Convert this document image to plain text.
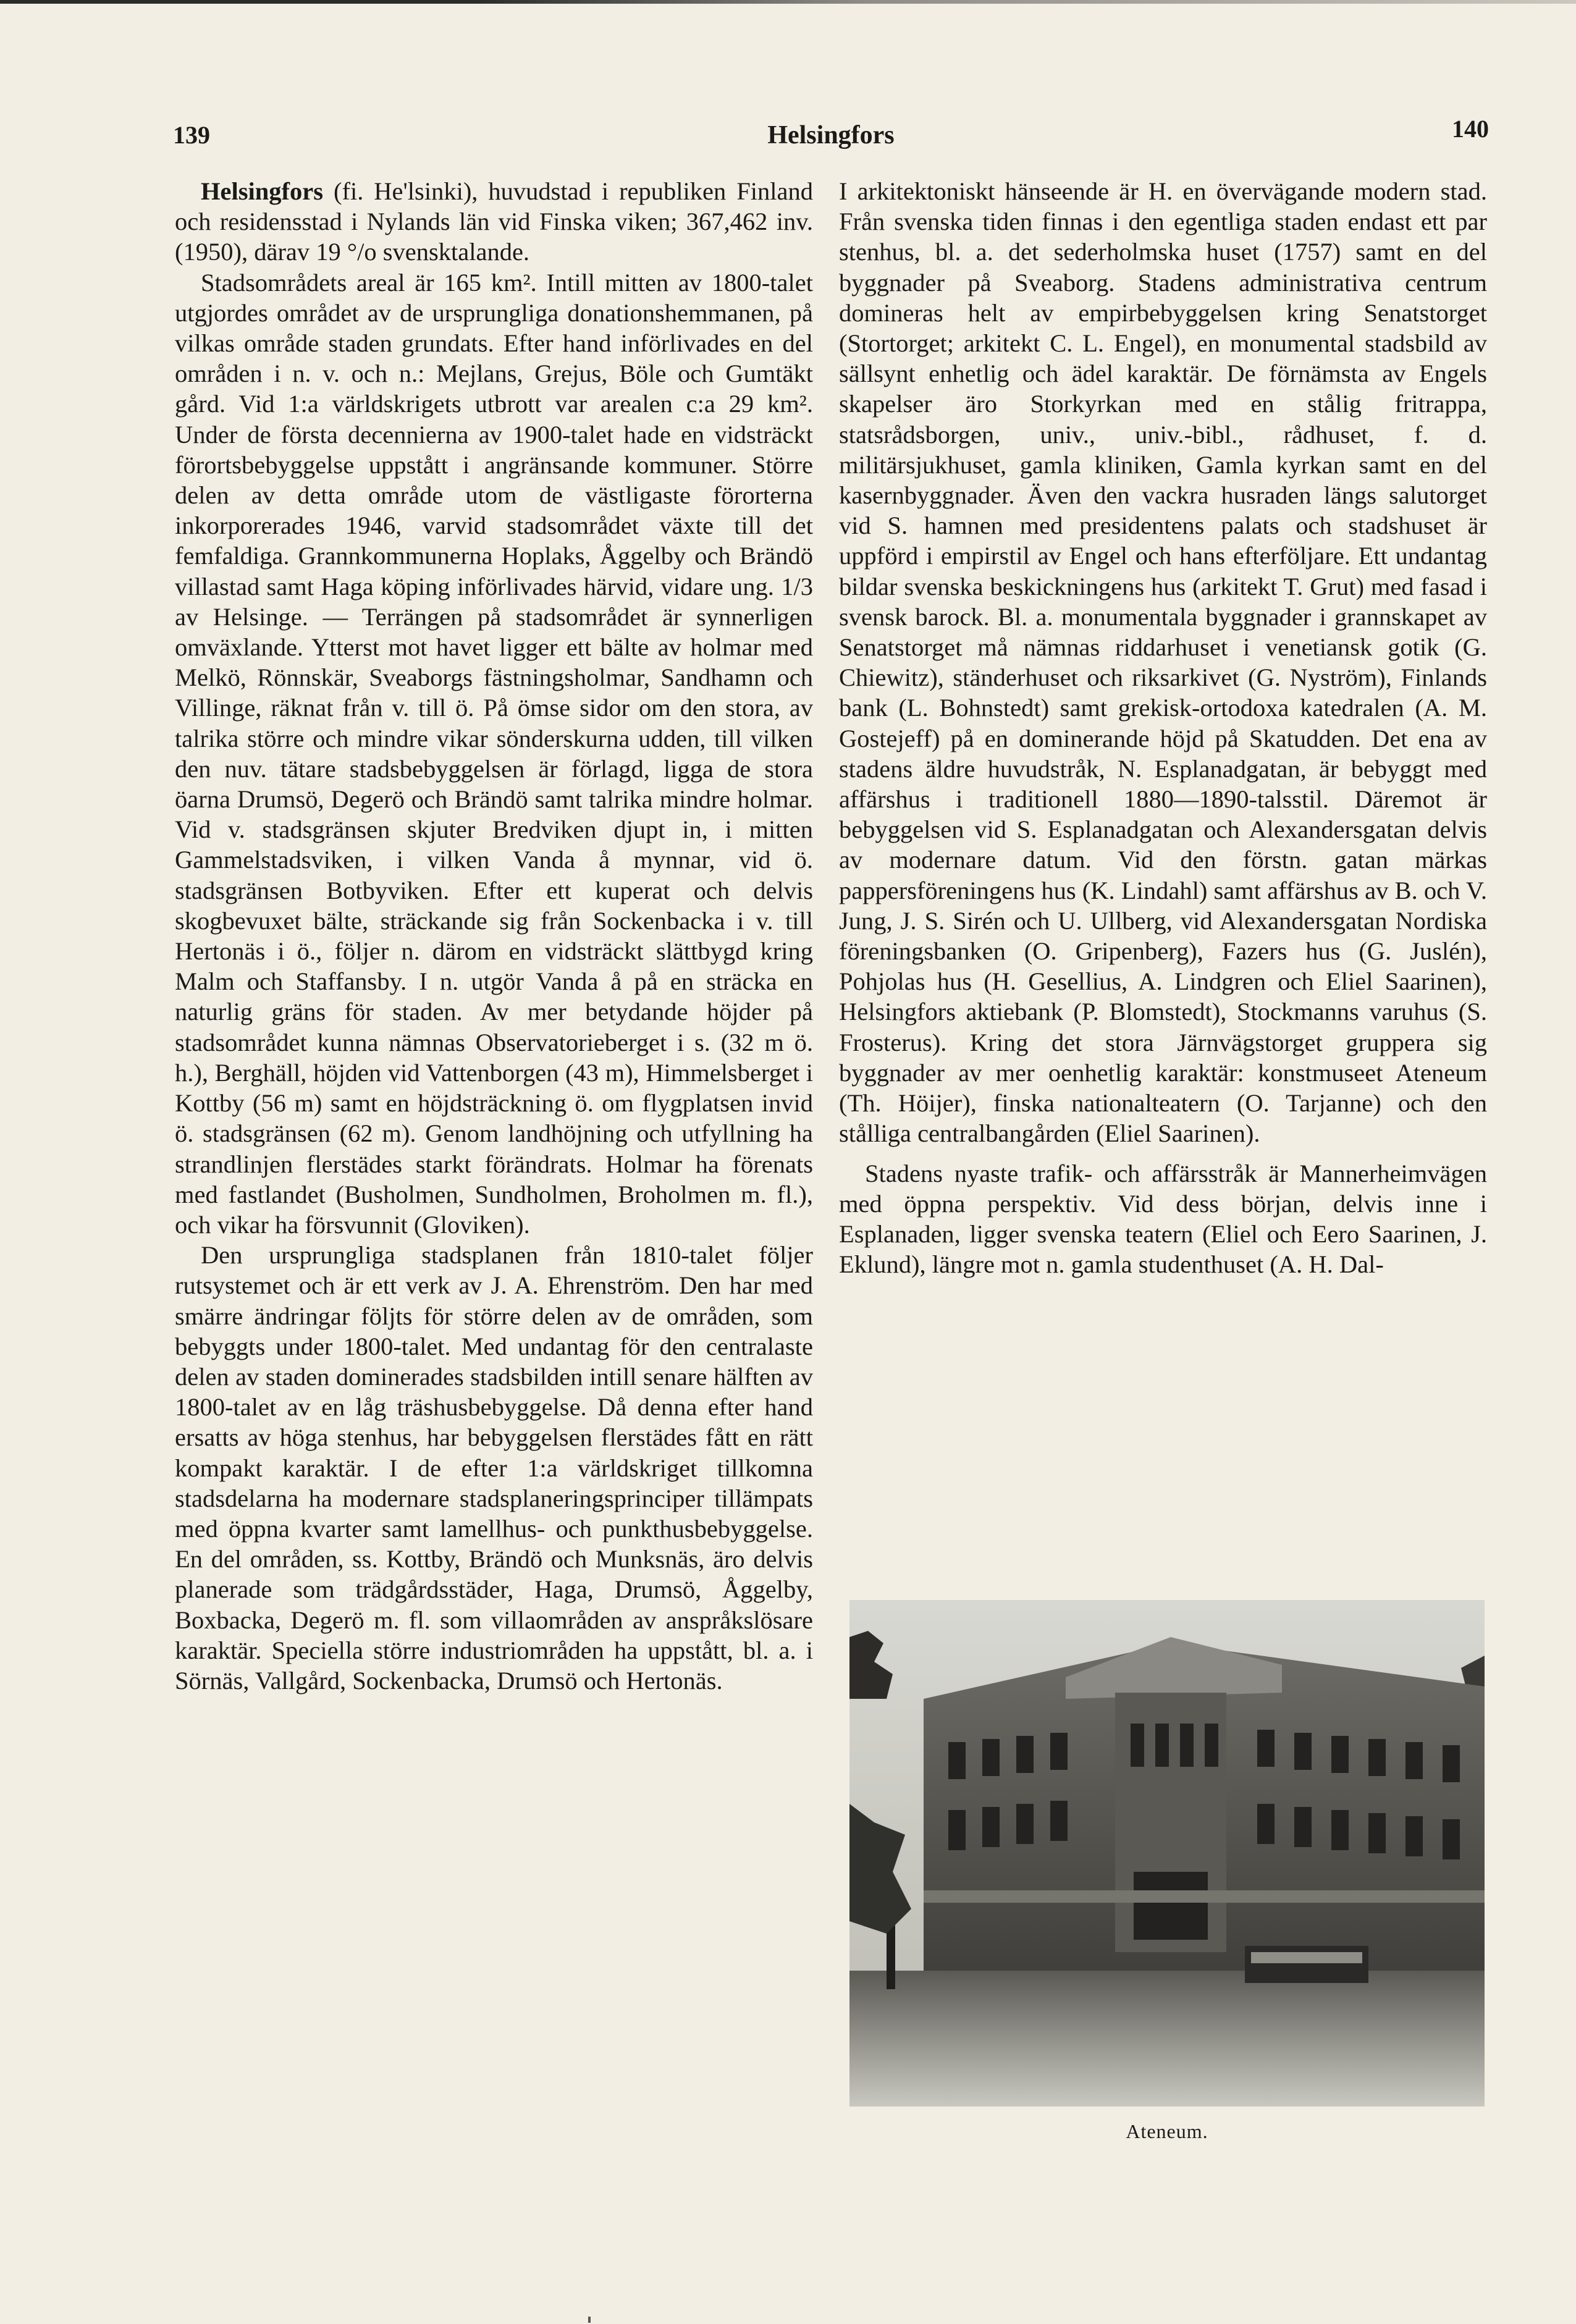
139	Helsingfors	140

Helsingfors (fi. He'lsinki), huvudstad i republiken Finland och residensstad i Nylands län vid Finska viken; 367,462 inv. (1950), därav 19 °/o svensktalande.

Stadsområdets areal är 165 km². Intill mitten av 1800-talet utgjordes området av de ursprungliga donationshemmanen, på vilkas område staden grundats. Efter hand införlivades en del områden i n. v. och n.: Mejlans, Grejus, Böle och Gumtäkt gård. Vid 1:a världskrigets utbrott var arealen c:a 29 km². Under de första decennierna av 1900-talet hade en vidsträckt förortsbebyggelse uppstått i angränsande kommuner. Större delen av detta område utom de västligaste förorterna inkorporerades 1946, varvid stadsområdet växte till det femfaldiga. Grannkommunerna Hoplaks, Åggelby och Brändö villastad samt Haga köping införlivades härvid, vidare ung. 1/3 av Helsinge. — Terrängen på stadsområdet är synnerligen omväxlande. Ytterst mot havet ligger ett bälte av holmar med Melkö, Rönnskär, Sveaborgs fästningsholmar, Sandhamn och Villinge, räknat från v. till ö. På ömse sidor om den stora, av talrika större och mindre vikar sönderskurna udden, till vilken den nuv. tätare stadsbebyggelsen är förlagd, ligga de stora öarna Drumsö, Degerö och Brändö samt talrika mindre holmar. Vid v. stadsgränsen skjuter Bredviken djupt in, i mitten Gammelstadsviken, i vilken Vanda å mynnar, vid ö. stadsgränsen Botbyviken. Efter ett kuperat och delvis skogbevuxet bälte, sträckande sig från Sockenbacka i v. till Hertonäs i ö., följer n. därom en vidsträckt slättbygd kring Malm och Staffansby. I n. utgör Vanda å på en sträcka en naturlig gräns för staden. Av mer betydande höjder på stadsområdet kunna nämnas Observatorieberget i s. (32 m ö. h.), Berghäll, höjden vid Vattenborgen (43 m), Himmelsberget i Kottby (56 m) samt en höjdsträckning ö. om flygplatsen invid ö. stadsgränsen (62 m). Genom landhöjning och utfyllning ha strandlinjen flerstädes starkt förändrats. Holmar ha förenats med fastlandet (Busholmen, Sundholmen, Broholmen m. fl.), och vikar ha försvunnit (Gloviken).

Den ursprungliga stadsplanen från 1810-talet följer rutsystemet och är ett verk av J. A. Ehrenström. Den har med smärre ändringar följts för större delen av de områden, som bebyggts under 1800-talet. Med undantag för den centralaste delen av staden dominerades stadsbilden intill senare hälften av 1800-talet av en låg träshusbebyggelse. Då denna efter hand ersatts av höga stenhus, har bebyggelsen flerstädes fått en rätt kompakt karaktär. I de efter 1:a världskriget tillkomna stadsdelarna ha modernare stadsplaneringsprinciper tillämpats med öppna kvarter samt lamellhus- och punkthusbebyggelse. En del områden, ss. Kottby, Brändö och Munksnäs, äro delvis planerade som trädgårdsstäder, Haga, Drumsö, Åggelby, Boxbacka, Degerö m. fl. som villaområden av anspråkslösare karaktär. Speciella större industriområden ha uppstått, bl. a. i Sörnäs, Vallgård, Sockenbacka, Drumsö och Hertonäs.

I arkitektoniskt hänseende är H. en övervägande modern stad. Från svenska tiden finnas i den egentliga staden endast ett par stenhus, bl. a. det sederholmska huset (1757) samt en del byggnader på Sveaborg. Stadens administrativa centrum domineras helt av empirbebyggelsen kring Senatstorget (Stortorget; arkitekt C. L. Engel), en monumental stadsbild av sällsynt enhetlig och ädel karaktär. De förnämsta av Engels skapelser äro Storkyrkan med en stålig fritrappa, statsrådsborgen, univ., univ.-bibl., rådhuset, f. d. militärsjukhuset, gamla kliniken, Gamla kyrkan samt en del kasernbyggnader. Även den vackra husraden längs salutorget vid S. hamnen med presidentens palats och stadshuset är uppförd i empirstil av Engel och hans efterföljare. Ett undantag bildar svenska beskickningens hus (arkitekt T. Grut) med fasad i svensk barock. Bl. a. monumentala byggnader i grannskapet av Senatstorget må nämnas riddarhuset i venetiansk gotik (G. Chiewitz), ständerhuset och riksarkivet (G. Nyström), Finlands bank (L. Bohnstedt) samt grekisk-ortodoxa katedralen (A. M. Gostejeff) på en dominerande höjd på Skatudden. Det ena av stadens äldre huvudstråk, N. Esplanadgatan, är bebyggt med affärshus i traditionell 1880—1890-talsstil. Däremot är bebyggelsen vid S. Esplanadgatan och Alexandersgatan delvis av modernare datum. Vid den förstn. gatan märkas pappersföreningens hus (K. Lindahl) samt affärshus av B. och V. Jung, J. S. Sirén och U. Ullberg, vid Alexandersgatan Nordiska föreningsbanken (O. Gripenberg), Fazers hus (G. Juslén), Pohjolas hus (H. Gesellius, A. Lindgren och Eliel Saarinen), Helsingfors aktiebank (P. Blomstedt), Stockmanns varuhus (S. Frosterus). Kring det stora Järnvägstorget gruppera sig byggnader av mer oenhetlig karaktär: konstmuseet Ateneum (Th. Höijer), finska nationalteatern (O. Tarjanne) och den stålliga centralbangården (Eliel Saarinen).

Stadens nyaste trafik- och affärsstråk är Mannerheimvägen med öppna perspektiv. Vid dess början, delvis inne i Esplanaden, ligger svenska teatern (Eliel och Eero Saarinen, J. Eklund), längre mot n. gamla studenthuset (A. H. Dal-

Ateneum.
